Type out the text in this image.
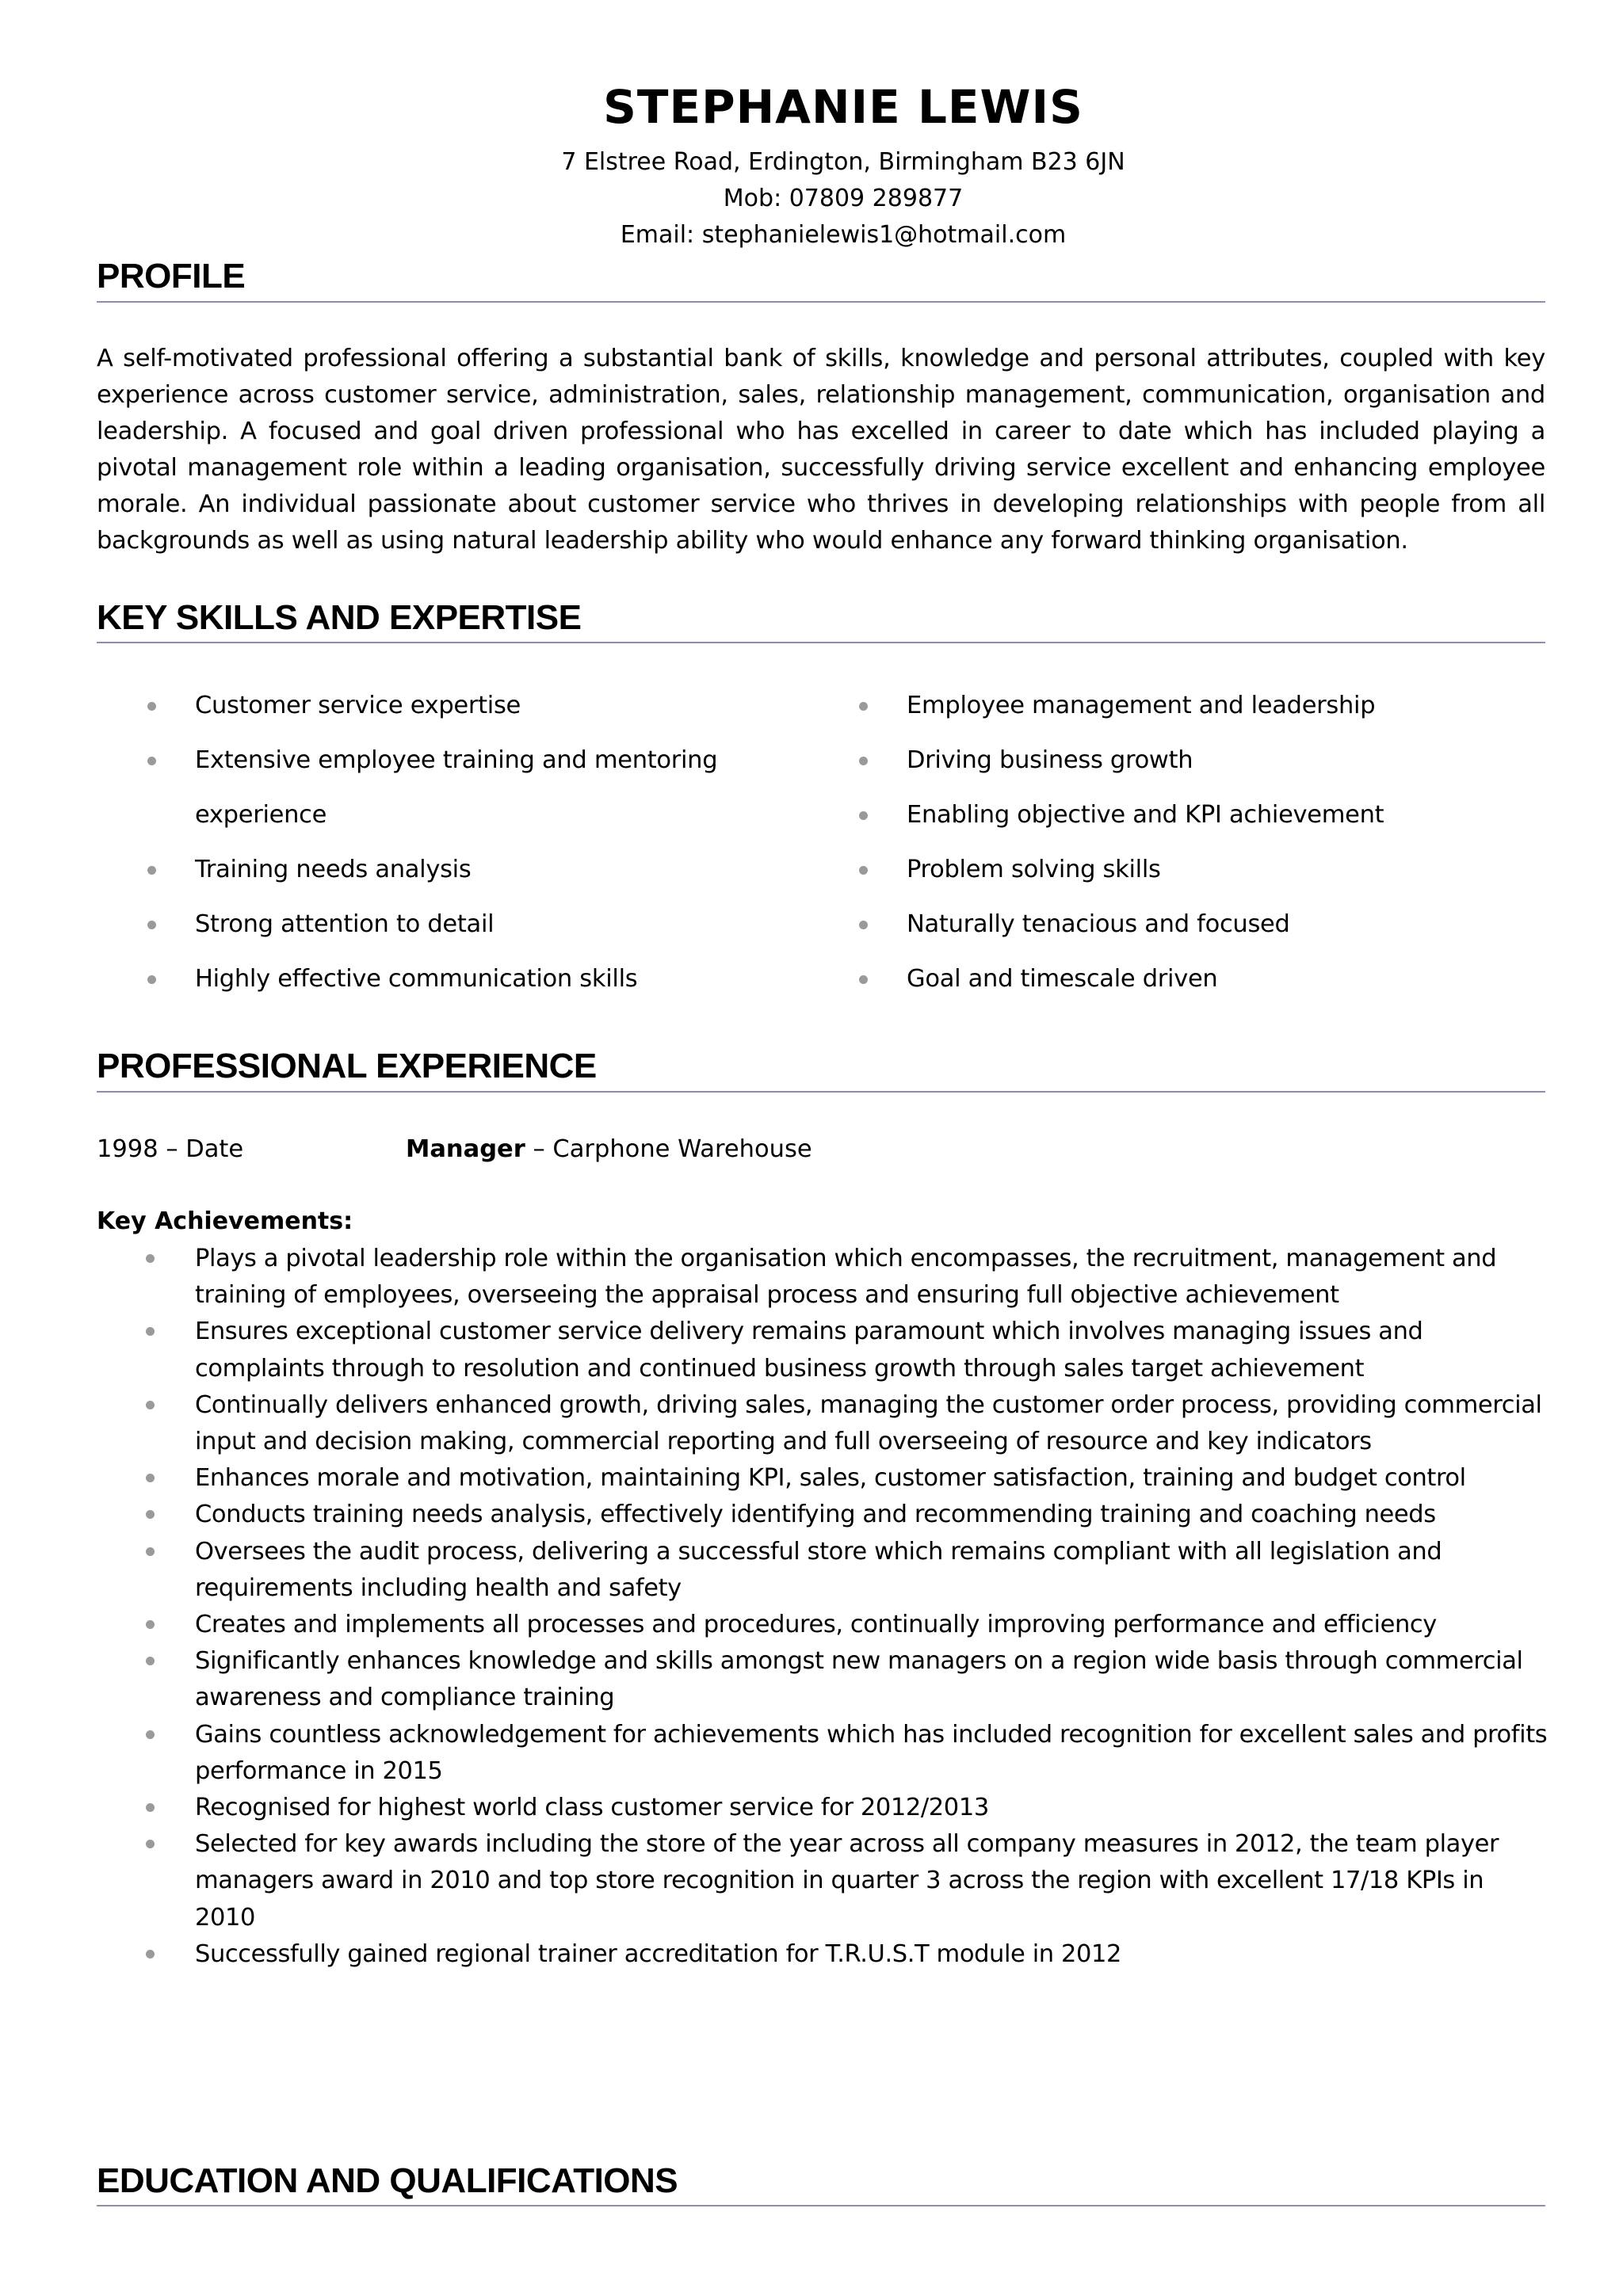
STEPHANIE LEWIS
7 Elstree Road, Erdington, Birmingham B23 6JN
Mob: 07809 289877
Email: stephanielewis1@hotmail.com
PROFILE
A self-motivated professional offering a substantial bank of skills, knowledge and personal attributes, coupled with key experience across customer service, administration, sales, relationship management, communication, organisation and leadership. A focused and goal driven professional who has excelled in career to date which has included playing a pivotal management role within a leading organisation, successfully driving service excellent and enhancing employee morale. An individual passionate about customer service who thrives in developing relationships with people from all backgrounds as well as using natural leadership ability who would enhance any forward thinking organisation.
KEY SKILLS AND EXPERTISE
Customer service expertise
Extensive employee training and mentoring experience
Training needs analysis
Strong attention to detail
Highly effective communication skills
Employee management and leadership
Driving business growth
Enabling objective and KPI achievement
Problem solving skills
Naturally tenacious and focused
Goal and timescale driven
PROFESSIONAL EXPERIENCE
1998 – Date	Manager – Carphone Warehouse
Key Achievements:
Plays a pivotal leadership role within the organisation which encompasses, the recruitment, management and training of employees, overseeing the appraisal process and ensuring full objective achievement
Ensures exceptional customer service delivery remains paramount which involves managing issues and complaints through to resolution and continued business growth through sales target achievement
Continually delivers enhanced growth, driving sales, managing the customer order process, providing commercial input and decision making, commercial reporting and full overseeing of resource and key indicators
Enhances morale and motivation, maintaining KPI, sales, customer satisfaction, training and budget control
Conducts training needs analysis, effectively identifying and recommending training and coaching needs
Oversees the audit process, delivering a successful store which remains compliant with all legislation and requirements including health and safety
Creates and implements all processes and procedures, continually improving performance and efficiency
Significantly enhances knowledge and skills amongst new managers on a region wide basis through commercial awareness and compliance training
Gains countless acknowledgement for achievements which has included recognition for excellent sales and profits performance in 2015
Recognised for highest world class customer service for 2012/2013
Selected for key awards including the store of the year across all company measures in 2012, the team player managers award in 2010 and top store recognition in quarter 3 across the region with excellent 17/18 KPIs in 2010
Successfully gained regional trainer accreditation for T.R.U.S.T module in 2012
EDUCATION AND QUALIFICATIONS
